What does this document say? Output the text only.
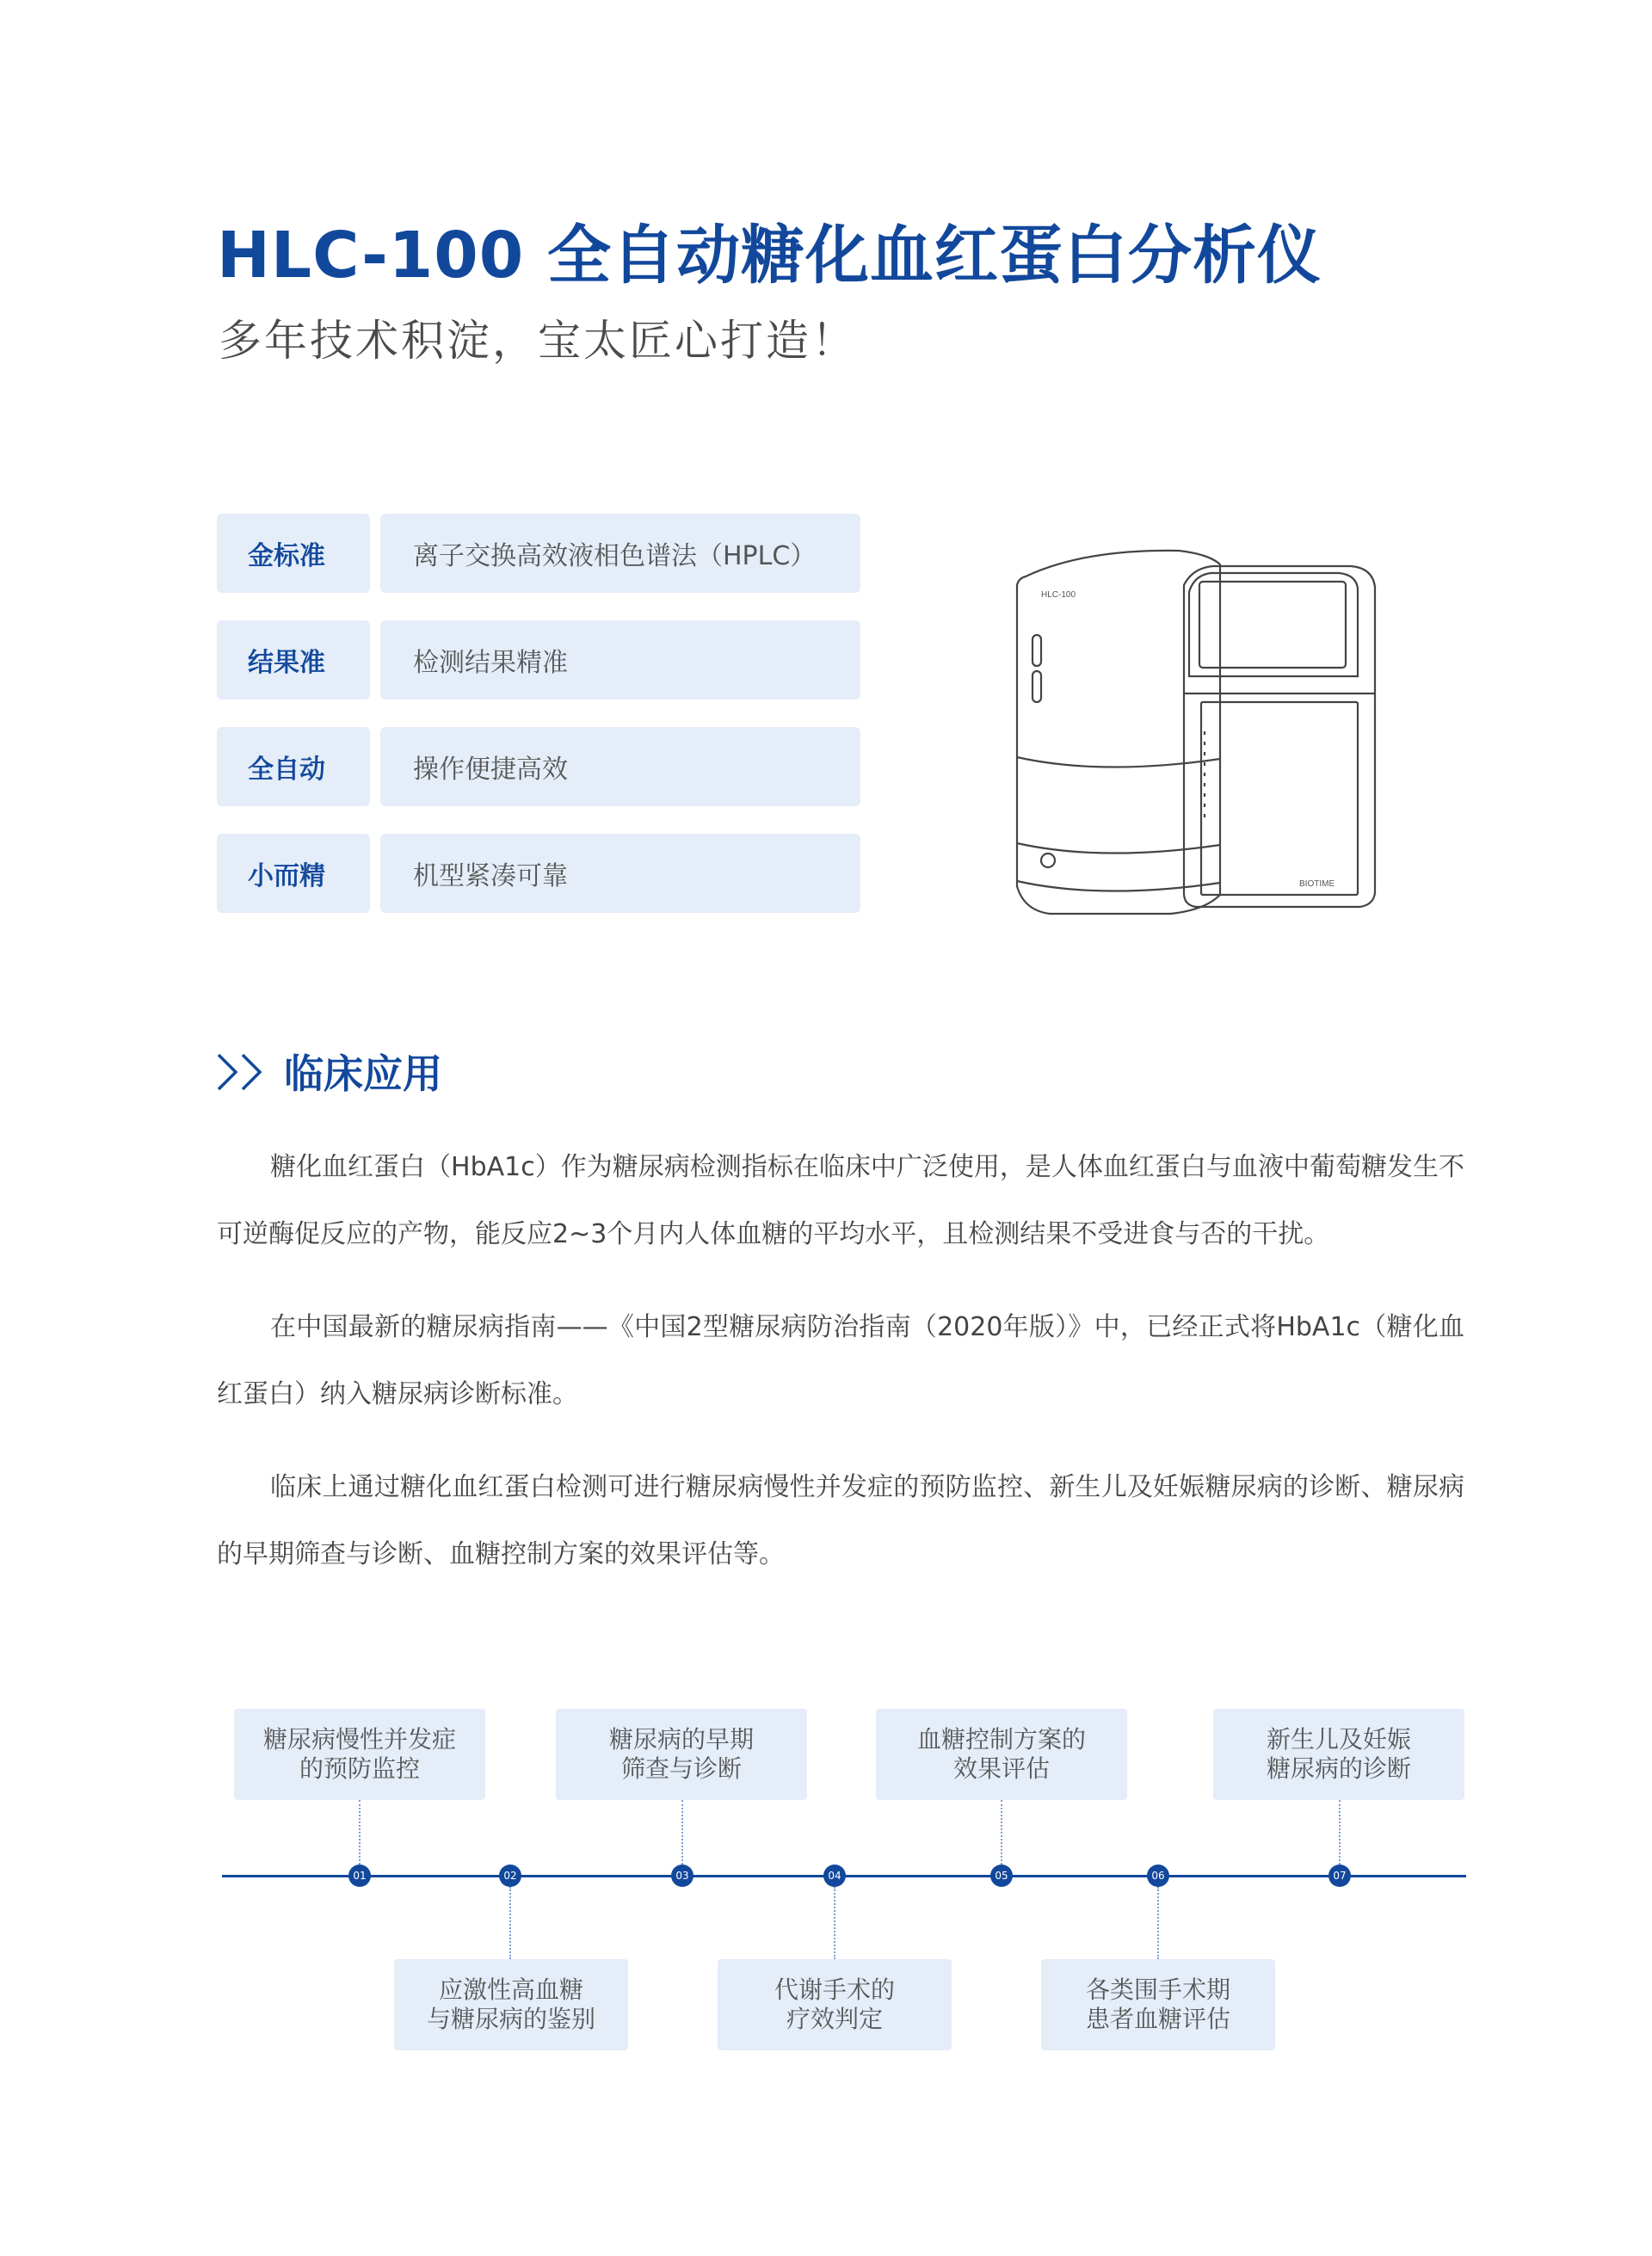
HLC-100 全自动糖化血红蛋白分析仪
多年技术积淀，宝太匠心打造！
金标准	离子交换高效液相色谱法（HPLC）
结果准	检测结果精准
全自动	操作便捷高效
小而精	机型紧凑可靠
HLC-100
BIOTIME
临床应用
糖化血红蛋白（HbA1c）作为糖尿病检测指标在临床中广泛使用，是人体血红蛋白与血液中葡萄糖发生不可逆酶促反应的产物，能反应2~3个月内人体血糖的平均水平，且检测结果不受进食与否的干扰。
在中国最新的糖尿病指南——《中国2型糖尿病防治指南（2020年版）》中，已经正式将HbA1c（糖化血红蛋白）纳入糖尿病诊断标准。
临床上通过糖化血红蛋白检测可进行糖尿病慢性并发症的预防监控、新生儿及妊娠糖尿病的诊断、糖尿病的早期筛查与诊断、血糖控制方案的效果评估等。
糖尿病慢性并发症
的预防监控
01	02
应激性高血糖
与糖尿病的鉴别
糖尿病的早期
筛查与诊断
03	04
代谢手术的
疗效判定
血糖控制方案的
效果评估
05	06
各类围手术期
患者血糖评估
新生儿及妊娠
糖尿病的诊断
07
